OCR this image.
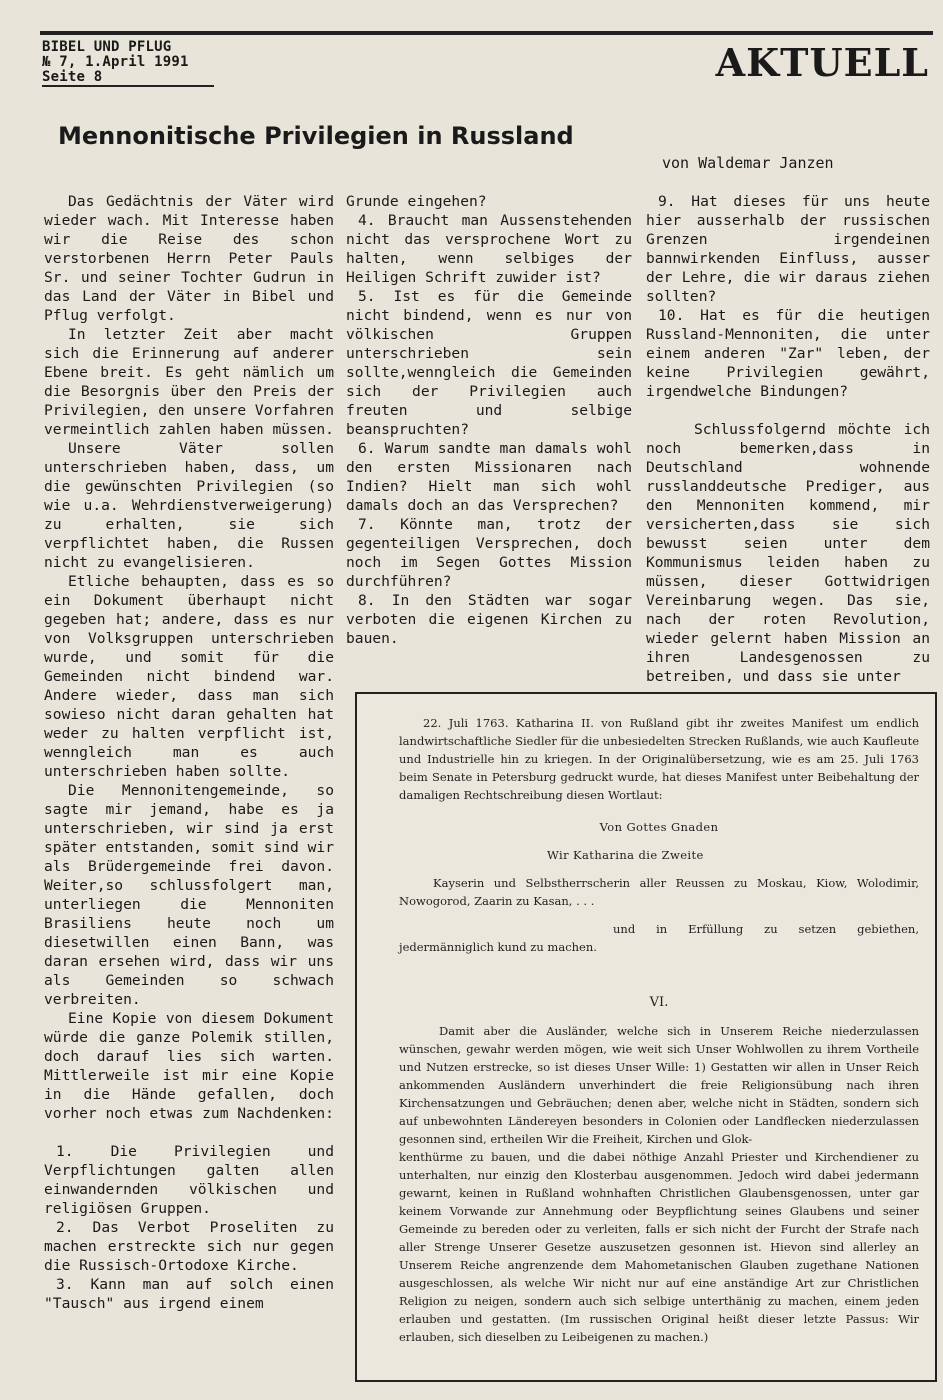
BIBEL UND PFLUG
№ 7, 1.April 1991
Seite 8	AKTUELL
Mennonitische Privilegien in Russland
von Waldemar Janzen

Das Gedächtnis der Väter wird wieder wach. Mit Interesse haben wir die Reise des schon verstorbenen Herrn Peter Pauls Sr. und seiner Tochter Gudrun in das Land der Väter in Bibel und Pflug verfolgt.

In letzter Zeit aber macht sich die Erinnerung auf anderer Ebene breit. Es geht nämlich um die Besorgnis über den Preis der Privilegien, den unsere Vorfahren vermeintlich zahlen haben müssen.

Unsere Väter sollen unterschrieben haben, dass, um die gewünschten Privilegien (so wie u.a. Wehrdienstverweigerung) zu erhalten, sie sich verpflichtet haben, die Russen nicht zu evangelisieren.

Etliche behaupten, dass es so ein Dokument überhaupt nicht gegeben hat; andere, dass es nur von Volksgruppen unterschrieben wurde, und somit für die Gemeinden nicht bindend war. Andere wieder, dass man sich sowieso nicht daran gehalten hat weder zu halten verpflicht ist, wenngleich man es auch unterschrieben haben sollte.

Die Mennonitengemeinde, so sagte mir jemand, habe es ja unterschrieben, wir sind ja erst später entstanden, somit sind wir als Brüdergemeinde frei davon. Weiter,so schlussfolgert man, unterliegen die Mennoniten Brasiliens heute noch um diesetwillen einen Bann, was daran ersehen wird, dass wir uns als Gemeinden so schwach verbreiten.

Eine Kopie von diesem Dokument würde die ganze Polemik stillen, doch darauf lies sich warten. Mittlerweile ist mir eine Kopie in die Hände gefallen, doch vorher noch etwas zum Nachdenken:

1. Die Privilegien und Verpflichtungen galten allen einwandernden völkischen und religiösen Gruppen.

2. Das Verbot Proseliten zu machen erstreckte sich nur gegen die Russisch-Ortodoxe Kirche.

3. Kann man auf solch einen "Tausch" aus irgend einem

Grunde eingehen?

4. Braucht man Aussenstehenden nicht das versprochene Wort zu halten, wenn selbiges der Heiligen Schrift zuwider ist?

5. Ist es für die Gemeinde nicht bindend, wenn es nur von völkischen Gruppen unterschrieben sein sollte,wenngleich die Gemeinden sich der Privilegien auch freuten und selbige beanspruchten?

6. Warum sandte man damals wohl den ersten Missionaren nach Indien? Hielt man sich wohl damals doch an das Versprechen?

7. Könnte man, trotz der gegenteiligen Versprechen, doch noch im Segen Gottes Mission durchführen?

8. In den Städten war sogar verboten die eigenen Kirchen zu bauen.

9. Hat dieses für uns heute hier ausserhalb der russischen Grenzen irgendeinen bannwirkenden Einfluss, ausser der Lehre, die wir daraus ziehen sollten?

10. Hat es für die heutigen Russland-Mennoniten, die unter einem anderen "Zar" leben, der keine Privilegien gewährt, irgendwelche Bindungen?

Schlussfolgernd möchte ich noch bemerken,dass in Deutschland wohnende russlanddeutsche Prediger, aus den Mennoniten kommend, mir versicherten,dass sie sich bewusst seien unter dem Kommunismus leiden haben zu müssen, dieser Gottwidrigen Vereinbarung wegen. Das sie, nach der roten Revolution, wieder gelernt haben Mission an ihren Landesgenossen zu betreiben, und dass sie unter

22. Juli 1763. Katharina II. von Rußland gibt ihr zweites Manifest um endlich landwirtschaftliche Siedler für die unbesiedelten Strecken Rußlands, wie auch Kaufleute und Industrielle hin zu kriegen. In der Originalübersetzung, wie es am 25. Juli 1763 beim Senate in Petersburg gedruckt wurde, hat dieses Manifest unter Beibehaltung der damaligen Rechtschreibung diesen Wortlaut:

Von Gottes Gnaden

Wir Katharina die Zweite

Kayserin und Selbstherrscherin aller Reussen zu Moskau, Kiow, Wolodimir, Nowogorod, Zaarin zu Kasan, . . .

und in Erfüllung zu setzen gebiethen, jedermänniglich kund zu machen.

VI.

Damit aber die Ausländer, welche sich in Unserem Reiche niederzulassen wünschen, gewahr werden mögen, wie weit sich Unser Wohlwollen zu ihrem Vortheile und Nutzen erstrecke, so ist dieses Unser Wille: 1) Gestatten wir allen in Unser Reich ankommenden Ausländern unverhindert die freie Religionsübung nach ihren Kirchensatzungen und Gebräuchen; denen aber, welche nicht in Städten, sondern sich auf unbewohnten Ländereyen besonders in Colonien oder Landflecken niederzulassen gesonnen sind, ertheilen Wir die Freiheit, Kirchen und Glok-

kenthürme zu bauen, und die dabei nöthige Anzahl Priester und Kirchendiener zu unterhalten, nur einzig den Klosterbau ausgenommen. Jedoch wird dabei jedermann gewarnt, keinen in Rußland wohnhaften Christlichen Glaubensgenossen, unter gar keinem Vorwande zur Annehmung oder Beypflichtung seines Glaubens und seiner Gemeinde zu bereden oder zu verleiten, falls er sich nicht der Furcht der Strafe nach aller Strenge Unserer Gesetze auszusetzen gesonnen ist. Hievon sind allerley an Unserem Reiche angrenzende dem Mahometanischen Glauben zugethane Nationen ausgeschlossen, als welche Wir nicht nur auf eine anständige Art zur Christlichen Religion zu neigen, sondern auch sich selbige unterthänig zu machen, einem jeden erlauben und gestatten. (Im russischen Original heißt dieser letzte Passus: Wir erlauben, sich dieselben zu Leibeigenen zu machen.)
